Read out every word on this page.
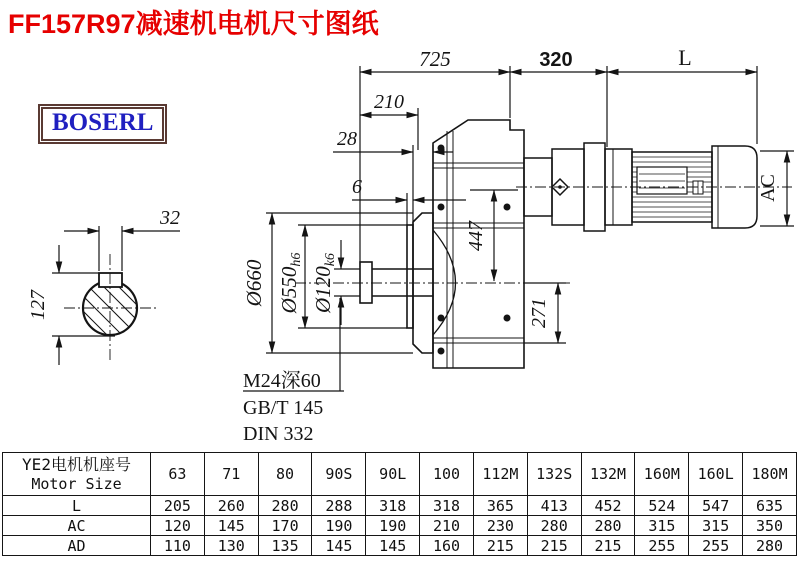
FF157R97减速机电机尺寸图纸
BOSERL
725	320	L
210
28
6
32
127	Ø660 Ø550h6
Ø120k6
447
271
AC
M24深60
GB/T 145
DIN 332
YE2电机机座号
Motor Size	63	71	80	90S	90L	100	112M	132S	132M	160M	160L	180M
L	205	260	280	288	318	318	365	413	452	524	547	635
AC	120	145	170	190	190	210	230	280	280	315	315	350
AD	110	130	135	145	145	160	215	215	215	255	255	280
